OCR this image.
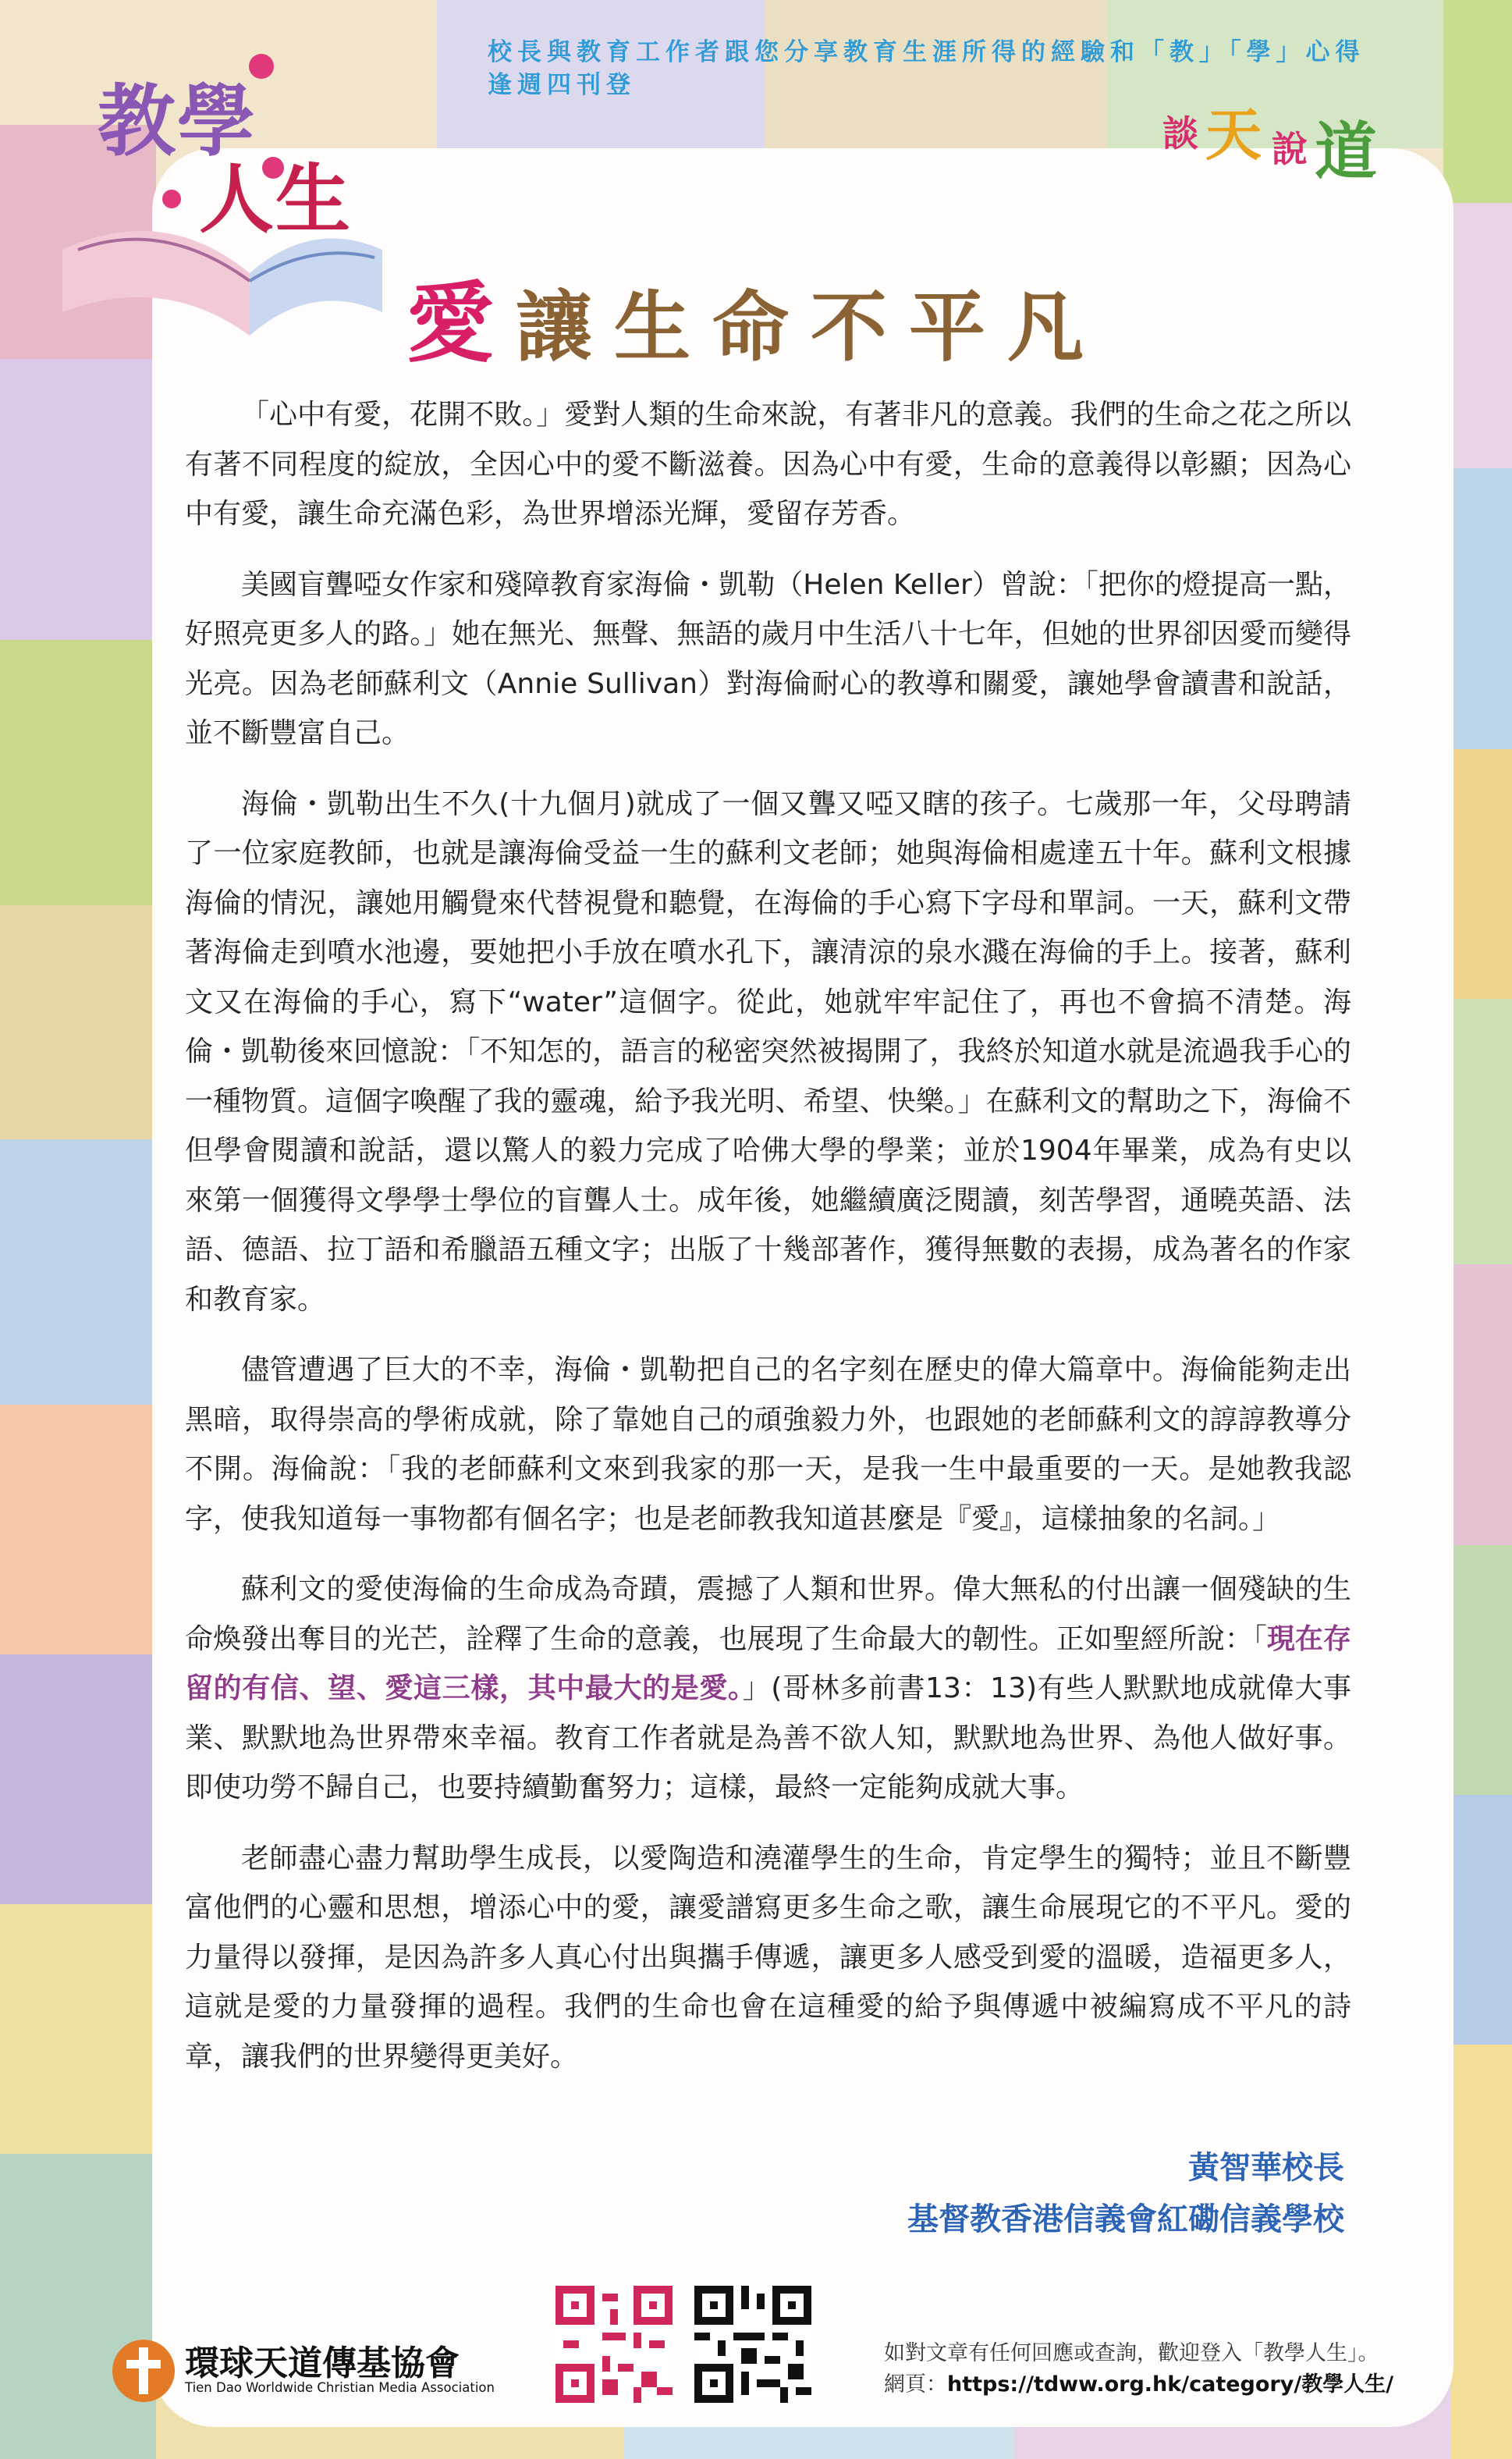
教學
人生
校長與教育工作者跟您分享教育生涯所得的經驗和「教」「學」心得
逢週四刊登
談 天 說 道
愛讓生命不平凡

「心中有愛，花開不敗。」愛對人類的生命來說，有著非凡的意義。我們的生命之花之所以有著不同程度的綻放，全因心中的愛不斷滋養。因為心中有愛，生命的意義得以彰顯；因為心中有愛，讓生命充滿色彩，為世界增添光輝，愛留存芳香。

美國盲聾啞女作家和殘障教育家海倫・凱勒（Helen Keller）曾說：「把你的燈提高一點，好照亮更多人的路。」她在無光、無聲、無語的歲月中生活八十七年，但她的世界卻因愛而變得光亮。因為老師蘇利文（Annie Sullivan）對海倫耐心的教導和關愛，讓她學會讀書和說話，並不斷豐富自己。

海倫・凱勒出生不久(十九個月)就成了一個又聾又啞又瞎的孩子。七歲那一年，父母聘請了一位家庭教師，也就是讓海倫受益一生的蘇利文老師；她與海倫相處達五十年。蘇利文根據海倫的情況，讓她用觸覺來代替視覺和聽覺，在海倫的手心寫下字母和單詞。一天，蘇利文帶著海倫走到噴水池邊，要她把小手放在噴水孔下，讓清涼的泉水濺在海倫的手上。接著，蘇利文又在海倫的手心，寫下“water”這個字。從此，她就牢牢記住了，再也不會搞不清楚。海倫・凱勒後來回憶說：「不知怎的，語言的秘密突然被揭開了，我終於知道水就是流過我手心的一種物質。這個字喚醒了我的靈魂，給予我光明、希望、快樂。」在蘇利文的幫助之下，海倫不但學會閱讀和說話，還以驚人的毅力完成了哈佛大學的學業；並於1904年畢業，成為有史以來第一個獲得文學學士學位的盲聾人士。成年後，她繼續廣泛閱讀，刻苦學習，通曉英語、法語、德語、拉丁語和希臘語五種文字；出版了十幾部著作，獲得無數的表揚，成為著名的作家和教育家。

儘管遭遇了巨大的不幸，海倫・凱勒把自己的名字刻在歷史的偉大篇章中。海倫能夠走出黑暗，取得崇高的學術成就，除了靠她自己的頑強毅力外，也跟她的老師蘇利文的諄諄教導分不開。海倫說：「我的老師蘇利文來到我家的那一天，是我一生中最重要的一天。是她教我認字，使我知道每一事物都有個名字；也是老師教我知道甚麼是『愛』，這樣抽象的名詞。」

蘇利文的愛使海倫的生命成為奇蹟，震撼了人類和世界。偉大無私的付出讓一個殘缺的生命煥發出奪目的光芒，詮釋了生命的意義，也展現了生命最大的韌性。正如聖經所說：「現在存留的有信、望、愛這三樣，其中最大的是愛。」(哥林多前書13：13)有些人默默地成就偉大事業、默默地為世界帶來幸福。教育工作者就是為善不欲人知，默默地為世界、為他人做好事。即使功勞不歸自己，也要持續勤奮努力；這樣，最終一定能夠成就大事。

老師盡心盡力幫助學生成長，以愛陶造和澆灌學生的生命，肯定學生的獨特；並且不斷豐富他們的心靈和思想，增添心中的愛，讓愛譜寫更多生命之歌，讓生命展現它的不平凡。愛的力量得以發揮，是因為許多人真心付出與攜手傳遞，讓更多人感受到愛的溫暖，造福更多人，這就是愛的力量發揮的過程。我們的生命也會在這種愛的給予與傳遞中被編寫成不平凡的詩章，讓我們的世界變得更美好。

黃智華校長
基督教香港信義會紅磡信義學校
環球天道傳基協會
Tien Dao Worldwide Christian Media Association
如對文章有任何回應或查詢，歡迎登入「教學人生」。
網頁：https://tdww.org.hk/category/教學人生/
